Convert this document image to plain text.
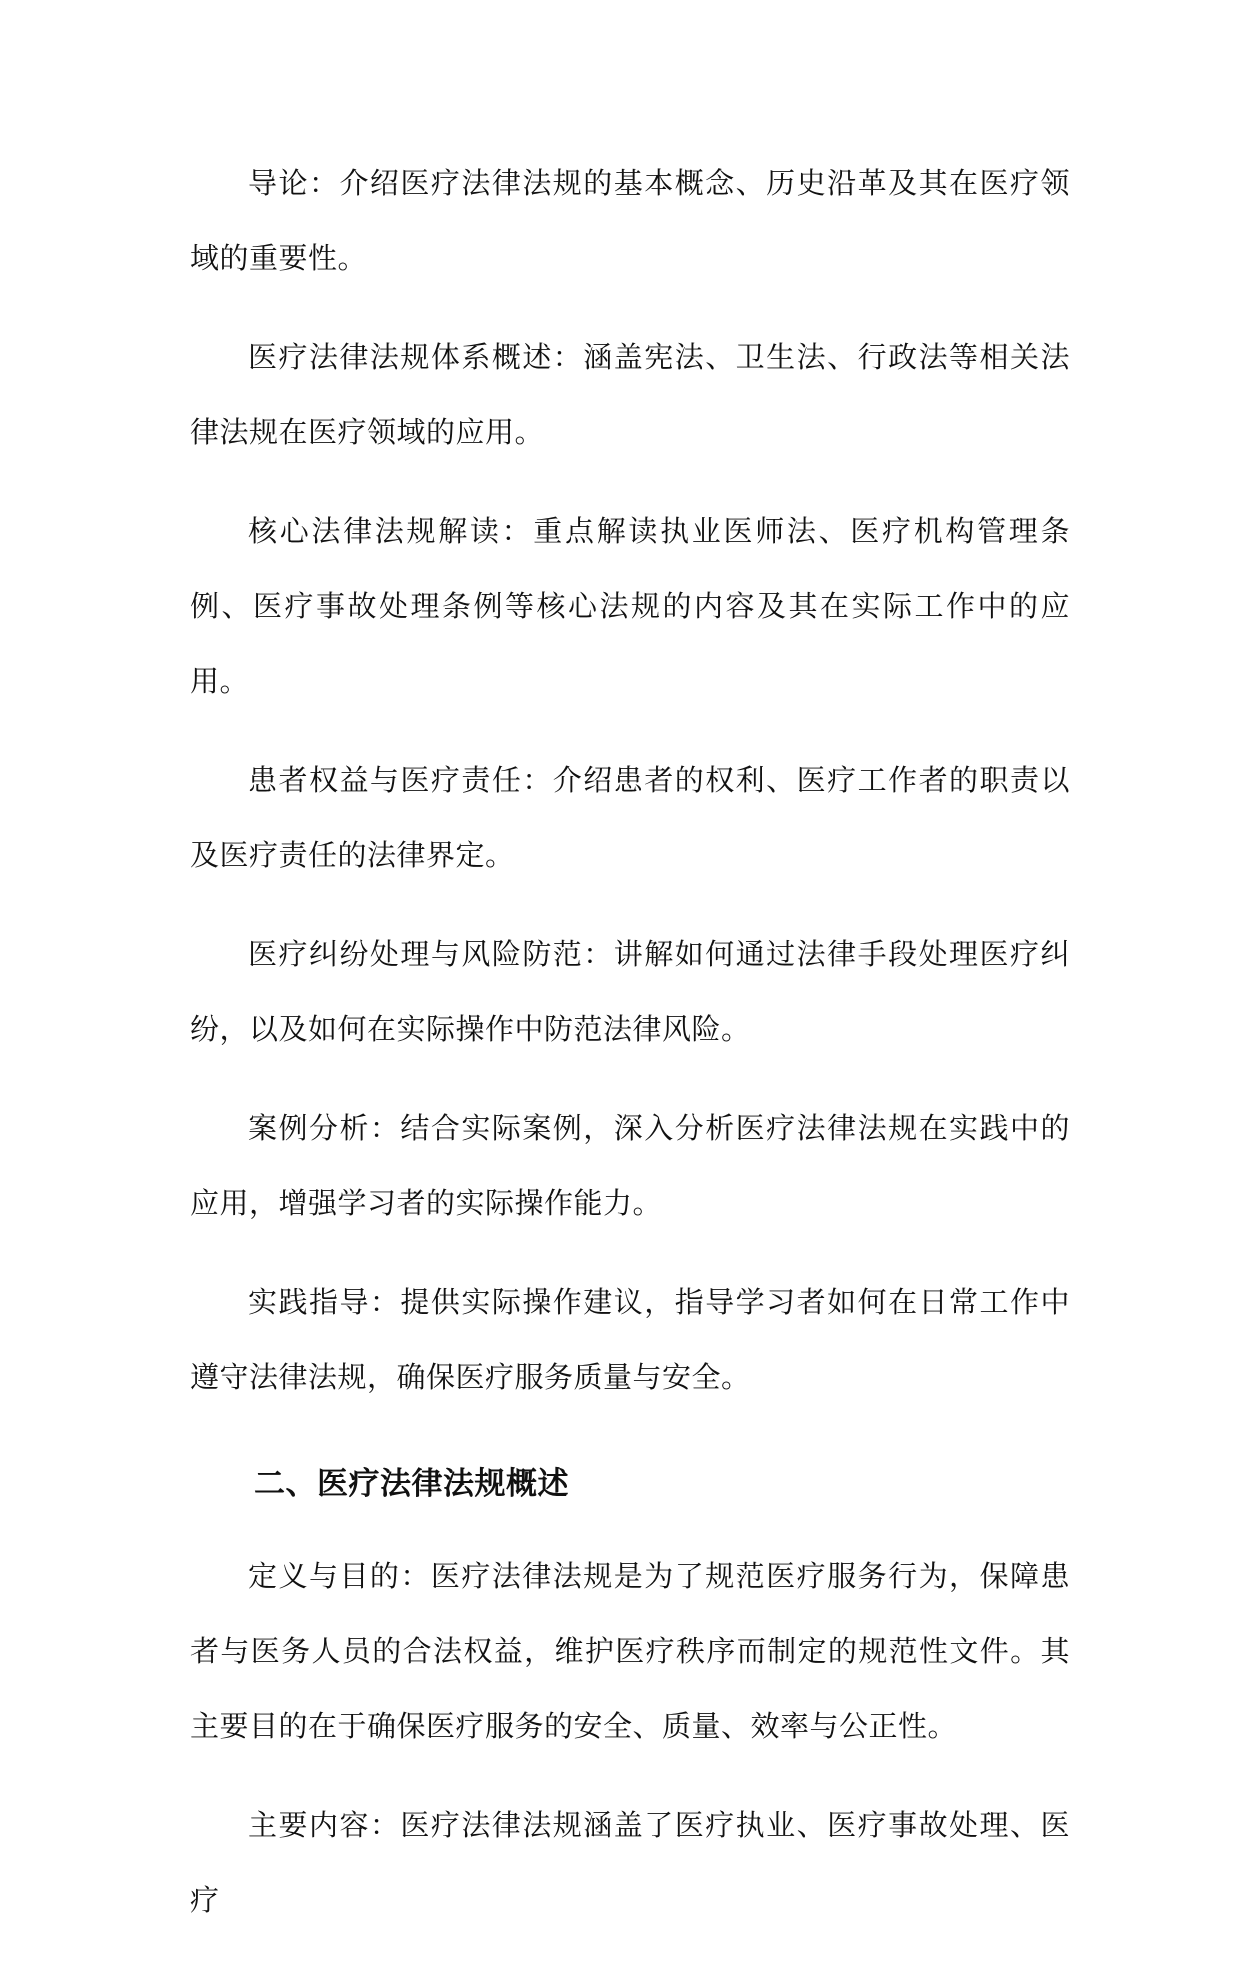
导论：介绍医疗法律法规的基本概念、历史沿革及其在医疗领域的重要性。

医疗法律法规体系概述：涵盖宪法、卫生法、行政法等相关法律法规在医疗领域的应用。

核心法律法规解读：重点解读执业医师法、医疗机构管理条例、医疗事故处理条例等核心法规的内容及其在实际工作中的应用。

患者权益与医疗责任：介绍患者的权利、医疗工作者的职责以及医疗责任的法律界定。

医疗纠纷处理与风险防范：讲解如何通过法律手段处理医疗纠纷，以及如何在实际操作中防范法律风险。

案例分析：结合实际案例，深入分析医疗法律法规在实践中的应用，增强学习者的实际操作能力。

实践指导：提供实际操作建议，指导学习者如何在日常工作中遵守法律法规，确保医疗服务质量与安全。

二、医疗法律法规概述

定义与目的：医疗法律法规是为了规范医疗服务行为，保障患者与医务人员的合法权益，维护医疗秩序而制定的规范性文件。其主要目的在于确保医疗服务的安全、质量、效率与公正性。

主要内容：医疗法律法规涵盖了医疗执业、医疗事故处理、医疗
